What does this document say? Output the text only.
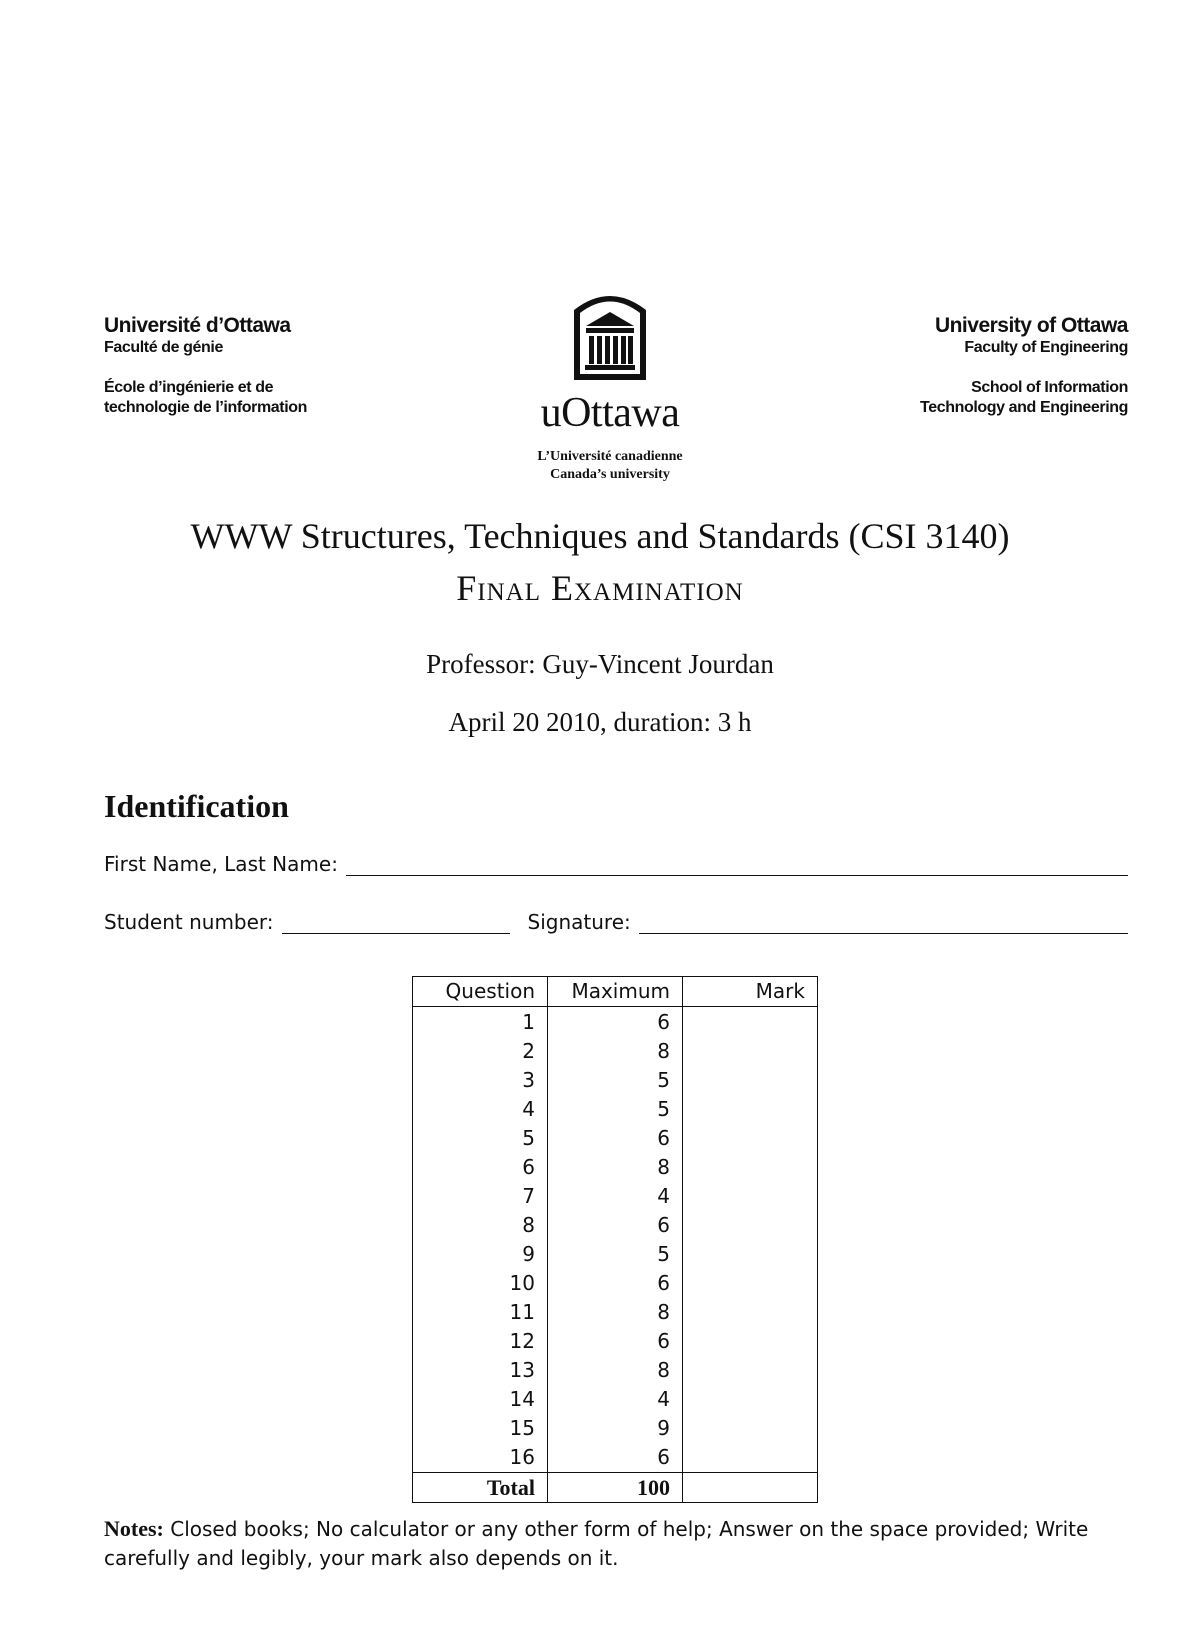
Université d’Ottawa
Faculté de génie
École d’ingénierie et de
technologie de l’information	uOttawa
L’Université canadienne
Canada’s university
University of Ottawa
Faculty of Engineering
School of Information
Technology and Engineering
WWW Structures, Techniques and Standards (CSI 3140)
Final Examination
Professor: Guy-Vincent Jourdan
April 20 2010, duration: 3 h
Identification
First Name, Last Name:
Student number:	Signature:
Question	Maximum	Mark
1	6	
2	8	
3	5	
4	5	
5	6	
6	8	
7	4	
8	6	
9	5	
10	6	
11	8	
12	6	
13	8	
14	4	
15	9	
16	6	
Total	100	
Notes: Closed books; No calculator or any other form of help; Answer on the space provided; Write carefully and legibly, your mark also depends on it.
